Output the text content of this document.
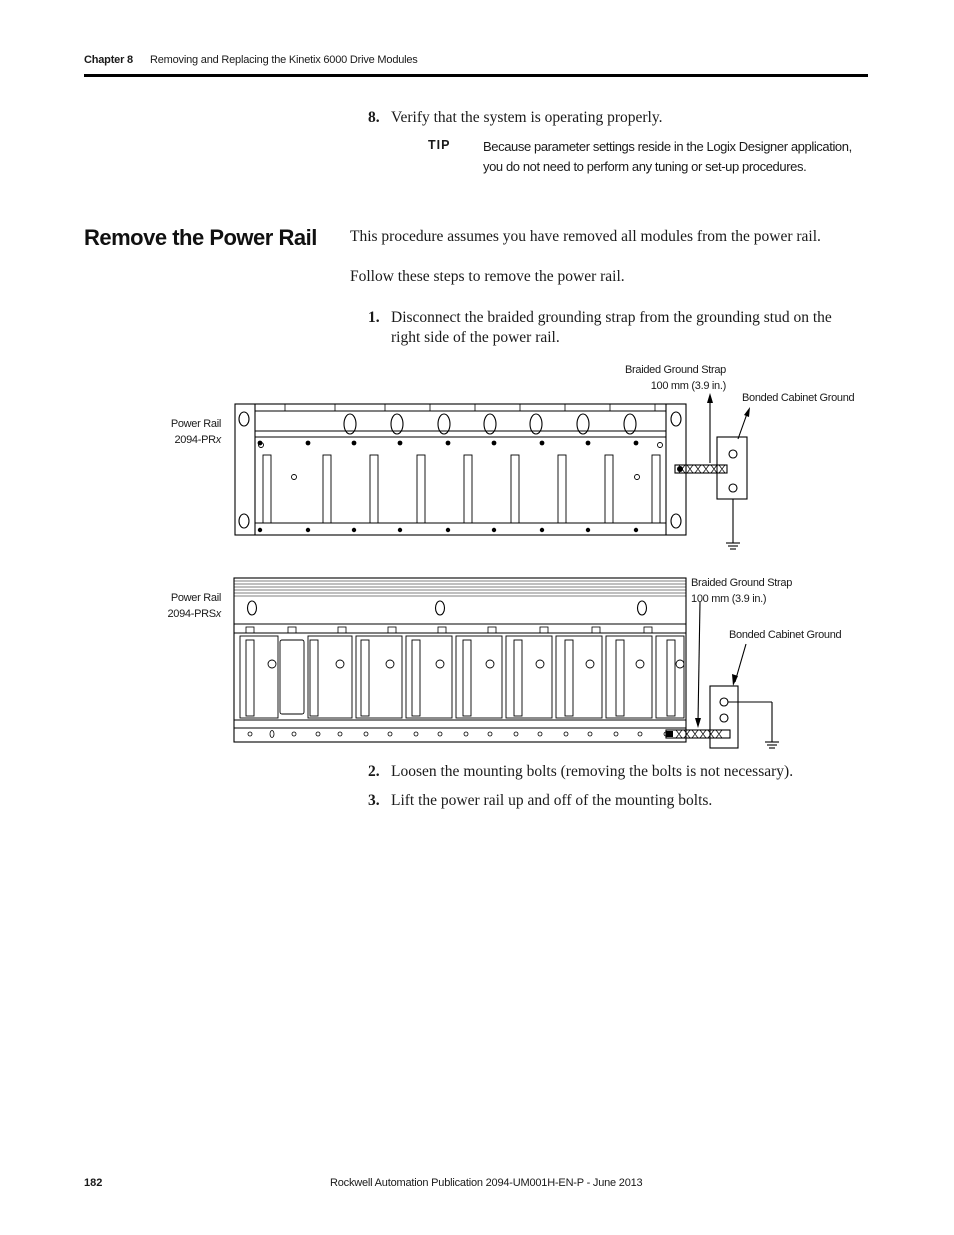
Chapter 8 Removing and Replacing the Kinetix 6000 Drive Modules
8. Verify that the system is operating properly.
TIP	Because parameter settings reside in the Logix Designer application, you do not need to perform any tuning or set-up procedures.
Remove the Power Rail This procedure assumes you have removed all modules from the power rail.
Follow these steps to remove the power rail.
1. Disconnect the braided grounding strap from the grounding stud on the
right side of the power rail.
Power Rail
2094-PRx
Braided Ground Strap
100 mm (3.9 in.)
Bonded Cabinet Ground
Power Rail
2094-PRSx
Braided Ground Strap
100 mm (3.9 in.)
Bonded Cabinet Ground
2. Loosen the mounting bolts (removing the bolts is not necessary).
3. Lift the power rail up and off of the mounting bolts.
182	Rockwell Automation Publication 2094-UM001H-EN-P - June 2013
